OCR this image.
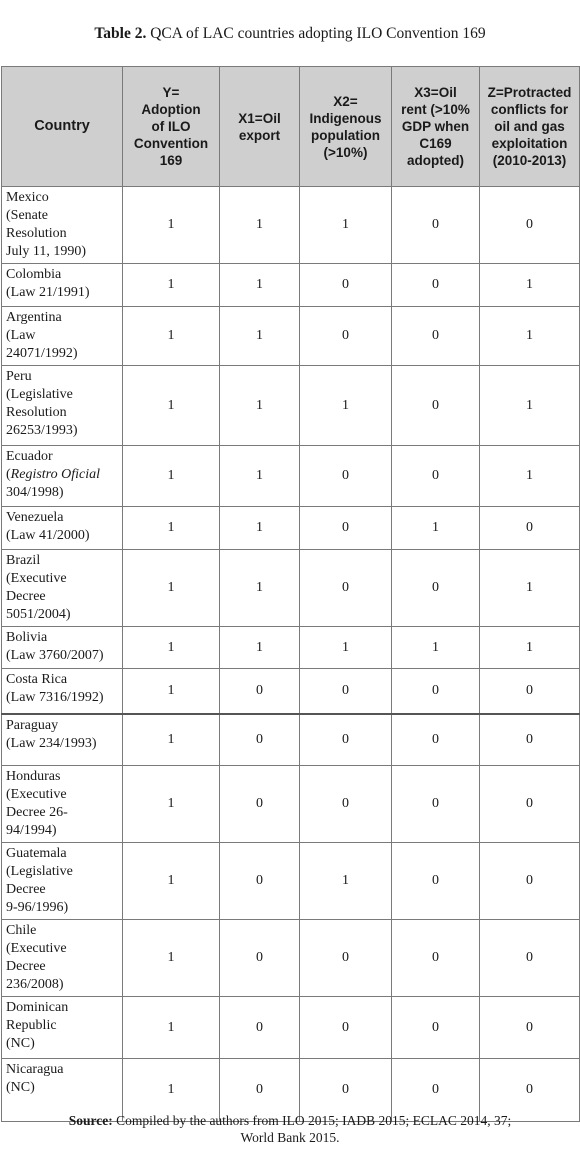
Table 2. QCA of LAC countries adopting ILO Convention 169
Country	Y=
Adoption
of ILO
Convention
169	X1=Oil
export	X2=
Indigenous
population
(>10%)	X3=Oil
rent (>10%
GDP when
C169
adopted)	Z=Protracted
conflicts for
oil and gas
exploitation
(2010-2013)

Mexico
(Senate
Resolution
July 11, 1990)	1	1	1	0	0

Colombia
(Law 21/1991)	1	1	0	0	1

Argentina
(Law
24071/1992)	1	1	0	0	1

Peru
(Legislative
Resolution
26253/1993)	1	1	1	0	1

Ecuador
(Registro Oficial
304/1998)	1	1	0	0	1

Venezuela
(Law 41/2000)	1	1	0	1	0

Brazil
(Executive
Decree
5051/2004)	1	1	0	0	1

Bolivia
(Law 3760/2007)	1	1	1	1	1

Costa Rica
(Law 7316/1992)	1	0	0	0	0

Paraguay
(Law 234/1993)	1	0	0	0	0

Honduras
(Executive
Decree 26-
94/1994)	1	0	0	0	0

Guatemala
(Legislative
Decree
9-96/1996)	1	0	1	0	0

Chile
(Executive
Decree
236/2008)	1	0	0	0	0

Dominican
Republic
(NC)	1	0	0	0	0

Nicaragua
(NC)	1	0	0	0	0
Source: Compiled by the authors from ILO 2015; IADB 2015; ECLAC 2014, 37;
World Bank 2015.
